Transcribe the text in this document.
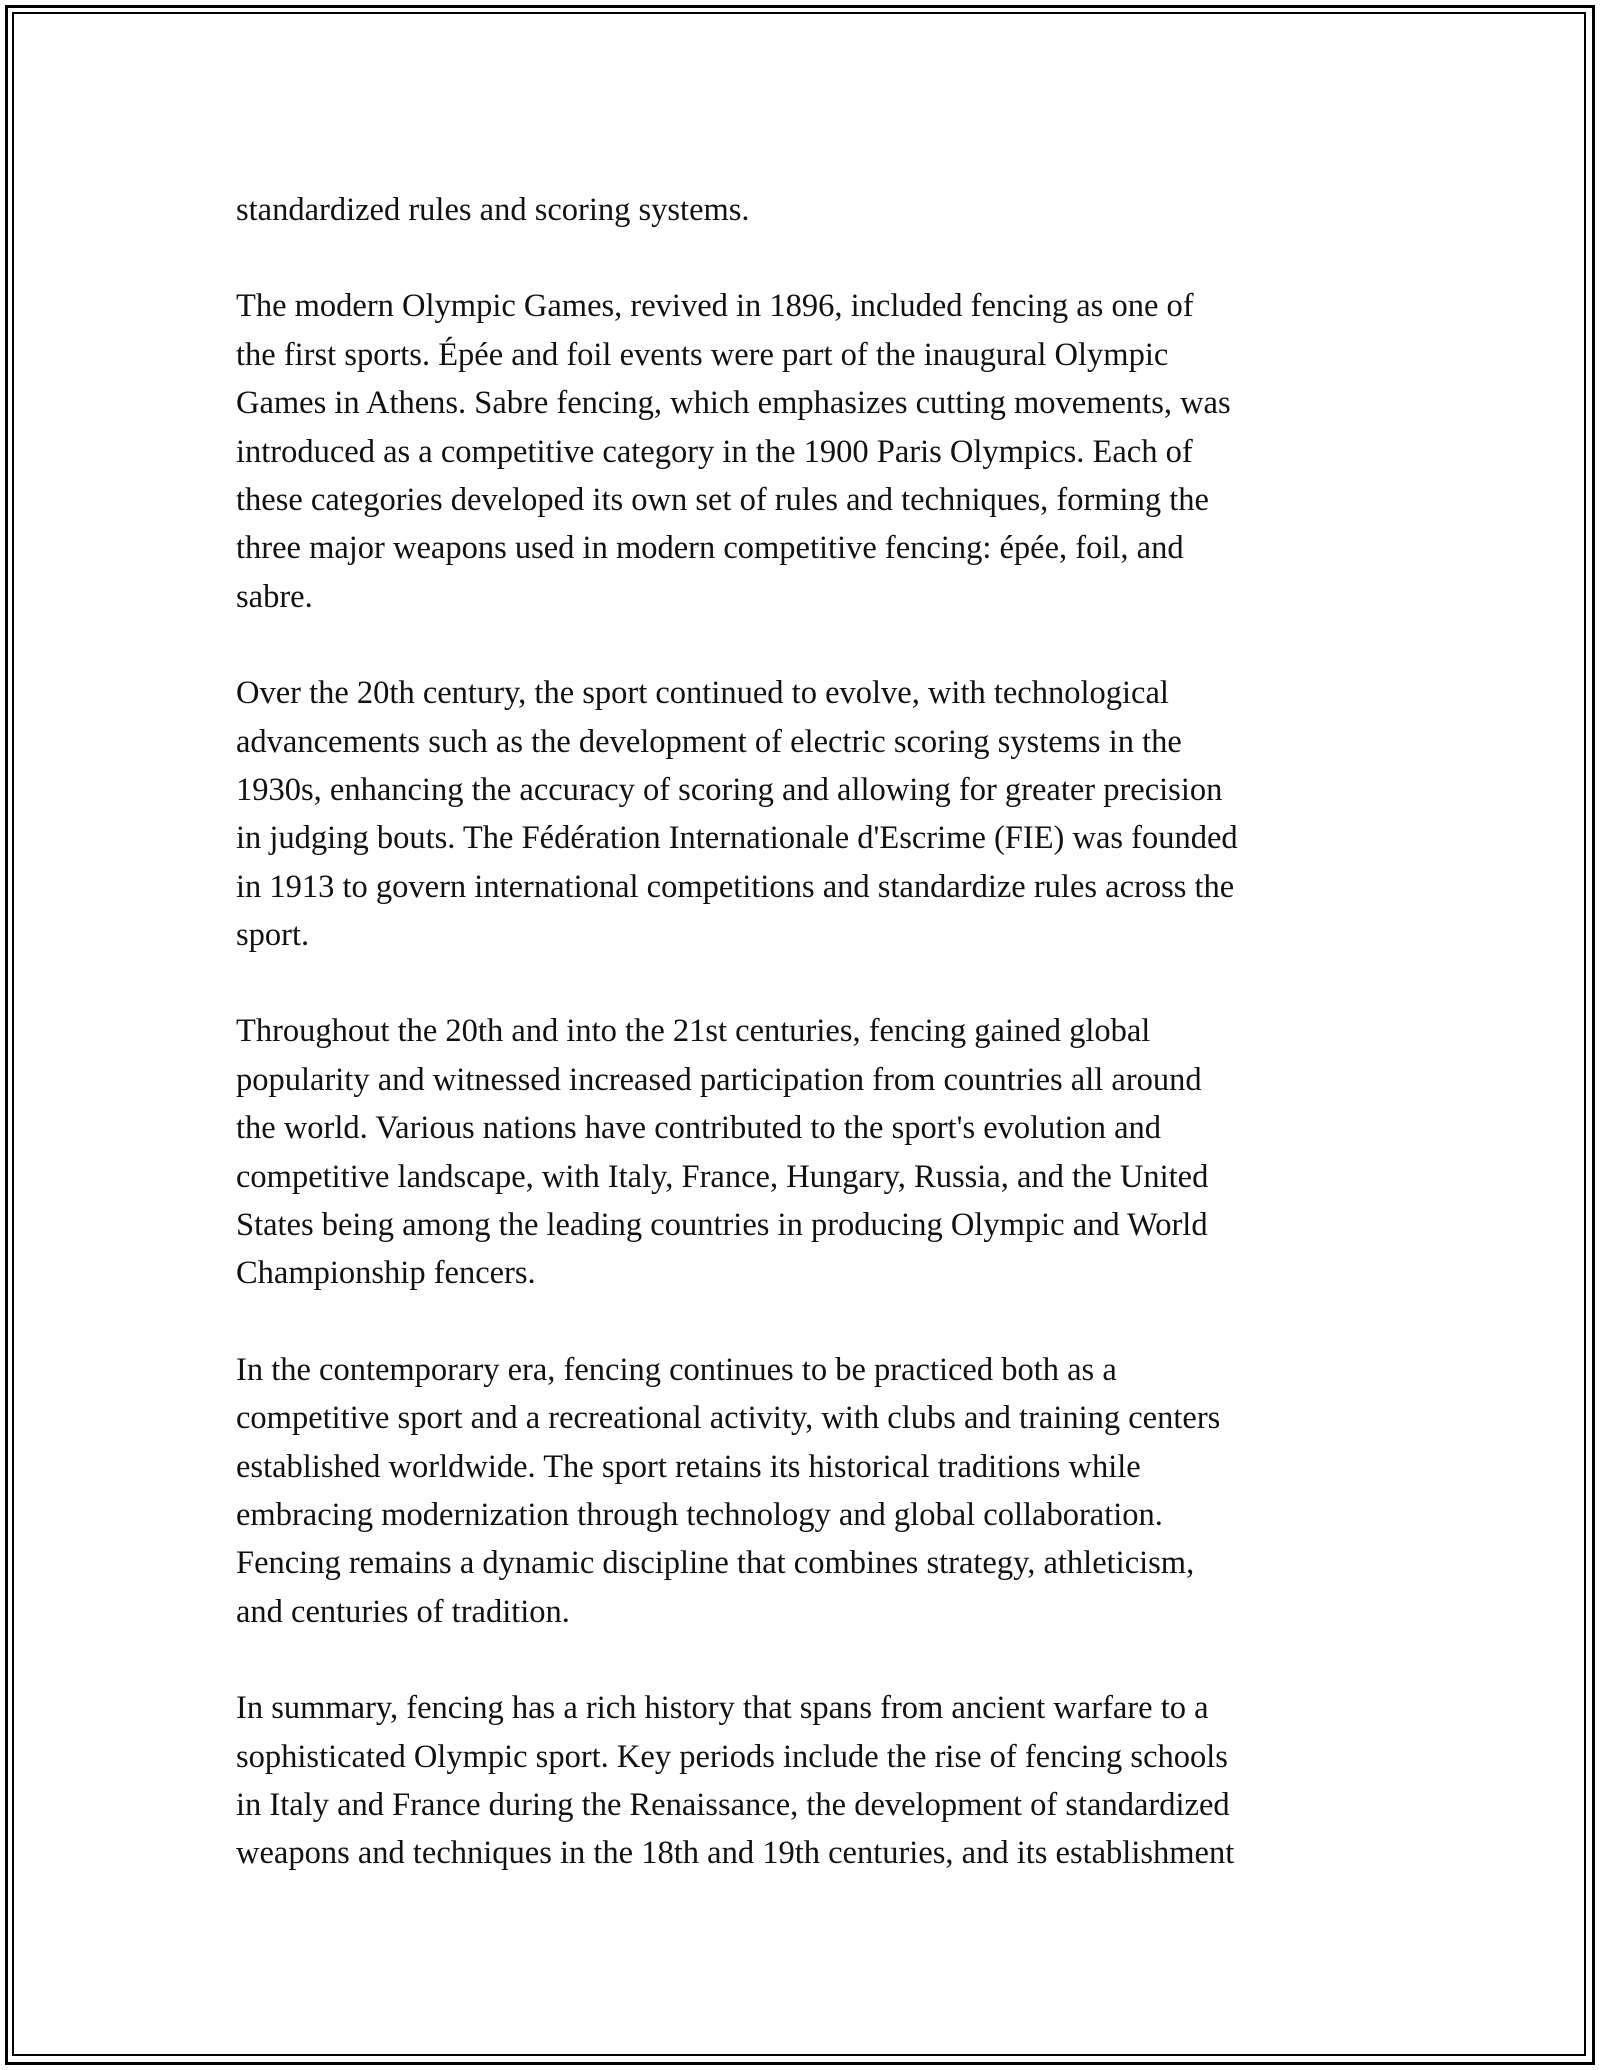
standardized rules and scoring systems.

The modern Olympic Games, revived in 1896, included fencing as one of
the first sports. Épée and foil events were part of the inaugural Olympic
Games in Athens. Sabre fencing, which emphasizes cutting movements, was
introduced as a competitive category in the 1900 Paris Olympics. Each of
these categories developed its own set of rules and techniques, forming the
three major weapons used in modern competitive fencing: épée, foil, and
sabre.

Over the 20th century, the sport continued to evolve, with technological
advancements such as the development of electric scoring systems in the
1930s, enhancing the accuracy of scoring and allowing for greater precision
in judging bouts. The Fédération Internationale d'Escrime (FIE) was founded
in 1913 to govern international competitions and standardize rules across the
sport.

Throughout the 20th and into the 21st centuries, fencing gained global
popularity and witnessed increased participation from countries all around
the world. Various nations have contributed to the sport's evolution and
competitive landscape, with Italy, France, Hungary, Russia, and the United
States being among the leading countries in producing Olympic and World
Championship fencers.

In the contemporary era, fencing continues to be practiced both as a
competitive sport and a recreational activity, with clubs and training centers
established worldwide. The sport retains its historical traditions while
embracing modernization through technology and global collaboration.
Fencing remains a dynamic discipline that combines strategy, athleticism,
and centuries of tradition.

In summary, fencing has a rich history that spans from ancient warfare to a
sophisticated Olympic sport. Key periods include the rise of fencing schools
in Italy and France during the Renaissance, the development of standardized
weapons and techniques in the 18th and 19th centuries, and its establishment
